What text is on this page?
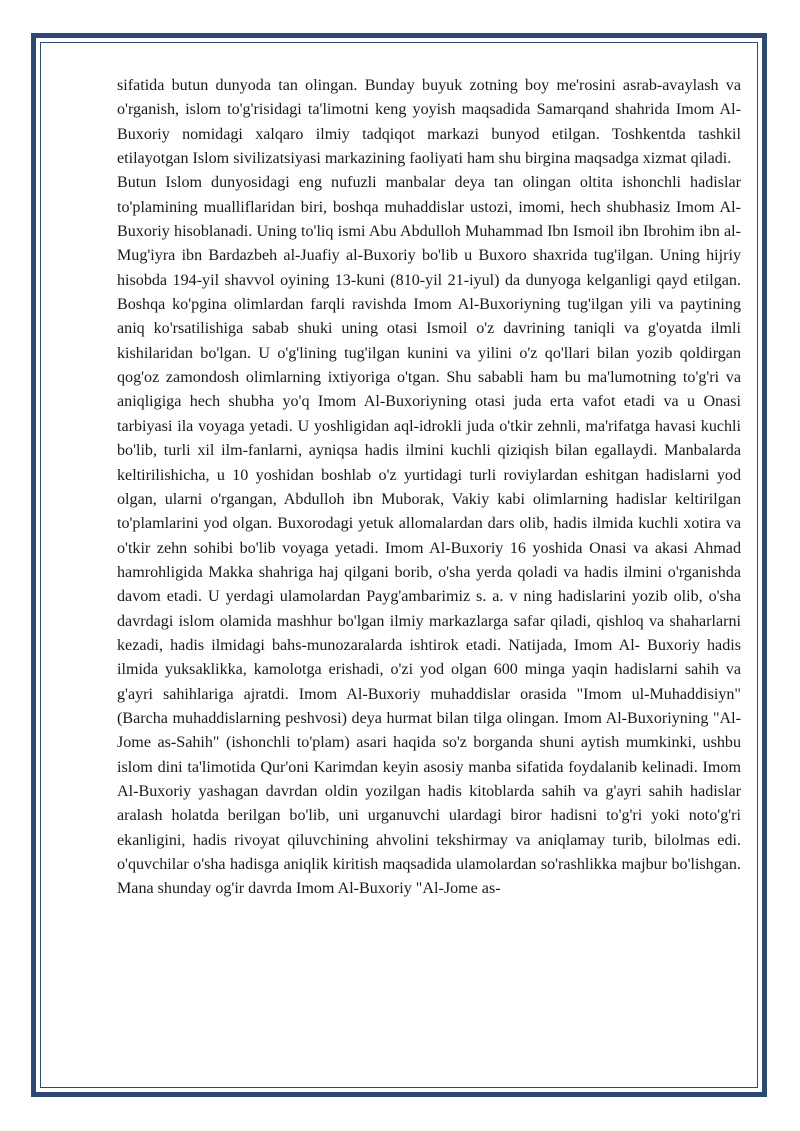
sifatida butun dunyoda tan olingan. Bunday buyuk zotning boy me'rosini asrab-avaylash va o'rganish, islom to'g'risidagi ta'limotni keng yoyish maqsadida Samarqand shahrida Imom Al-Buxoriy nomidagi xalqaro ilmiy tadqiqot markazi bunyod etilgan. Toshkentda tashkil etilayotgan Islom sivilizatsiyasi markazining faoliyati ham shu birgina maqsadga xizmat qiladi.

Butun Islom dunyosidagi eng nufuzli manbalar deya tan olingan oltita ishonchli hadislar to'plamining mualliflaridan biri, boshqa muhaddislar ustozi, imomi, hech shubhasiz Imom Al-Buxoriy hisoblanadi. Uning to'liq ismi Abu Abdulloh Muhammad Ibn Ismoil ibn Ibrohim ibn al-Mug'iyra ibn Bardazbeh al-Juafiy al-Buxoriy bo'lib u Buxoro shaxrida tug'ilgan. Uning hijriy hisobda 194-yil shavvol oyining 13-kuni (810-yil 21-iyul) da dunyoga kelganligi qayd etilgan. Boshqa ko'pgina olimlardan farqli ravishda Imom Al-Buxoriyning tug'ilgan yili va paytining aniq ko'rsatilishiga sabab shuki uning otasi Ismoil o'z davrining taniqli va g'oyatda ilmli kishilaridan bo'lgan. U o'g'lining tug'ilgan kunini va yilini o'z qo'llari bilan yozib qoldirgan qog'oz zamondosh olimlarning ixtiyoriga o'tgan. Shu sababli ham bu ma'lumotning to'g'ri va aniqligiga hech shubha yo'q Imom Al-Buxoriyning otasi juda erta vafot etadi va u Onasi tarbiyasi ila voyaga yetadi. U yoshligidan aql-idrokli juda o'tkir zehnli, ma'rifatga havasi kuchli bo'lib, turli xil ilm-fanlarni, ayniqsa hadis ilmini kuchli qiziqish bilan egallaydi. Manbalarda keltirilishicha, u 10 yoshidan boshlab o'z yurtidagi turli roviylardan eshitgan hadislarni yod olgan, ularni o'rgangan, Abdulloh ibn Muborak, Vakiy kabi olimlarning hadislar keltirilgan to'plamlarini yod olgan. Buxorodagi yetuk allomalardan dars olib, hadis ilmida kuchli xotira va o'tkir zehn sohibi bo'lib voyaga yetadi. Imom Al-Buxoriy 16 yoshida Onasi va akasi Ahmad hamrohligida Makka shahriga haj qilgani borib, o'sha yerda qoladi va hadis ilmini o'rganishda davom etadi. U yerdagi ulamolardan Payg'ambarimiz s. a. v ning hadislarini yozib olib, o'sha davrdagi islom olamida mashhur bo'lgan ilmiy markazlarga safar qiladi, qishloq va shaharlarni kezadi, hadis ilmidagi bahs-munozaralarda ishtirok etadi. Natijada, Imom Al- Buxoriy hadis ilmida yuksaklikka, kamolotga erishadi, o'zi yod olgan 600 minga yaqin hadislarni sahih va g'ayri sahihlariga ajratdi. Imom Al-Buxoriy muhaddislar orasida "Imom ul-Muhaddisiyn" (Barcha muhaddislarning peshvosi) deya hurmat bilan tilga olingan. Imom Al-Buxoriyning "Al-Jome as-Sahih" (ishonchli to'plam) asari haqida so'z borganda shuni aytish mumkinki, ushbu islom dini ta'limotida Qur'oni Karimdan keyin asosiy manba sifatida foydalanib kelinadi. Imom Al-Buxoriy yashagan davrdan oldin yozilgan hadis kitoblarda sahih va g'ayri sahih hadislar aralash holatda berilgan bo'lib, uni urganuvchi ulardagi biror hadisni to'g'ri yoki noto'g'ri ekanligini, hadis rivoyat qiluvchining ahvolini tekshirmay va aniqlamay turib, bilolmas edi. o'quvchilar o'sha hadisga aniqlik kiritish maqsadida ulamolardan so'rashlikka majbur bo'lishgan. Mana shunday og'ir davrda Imom Al-Buxoriy "Al-Jome as-
